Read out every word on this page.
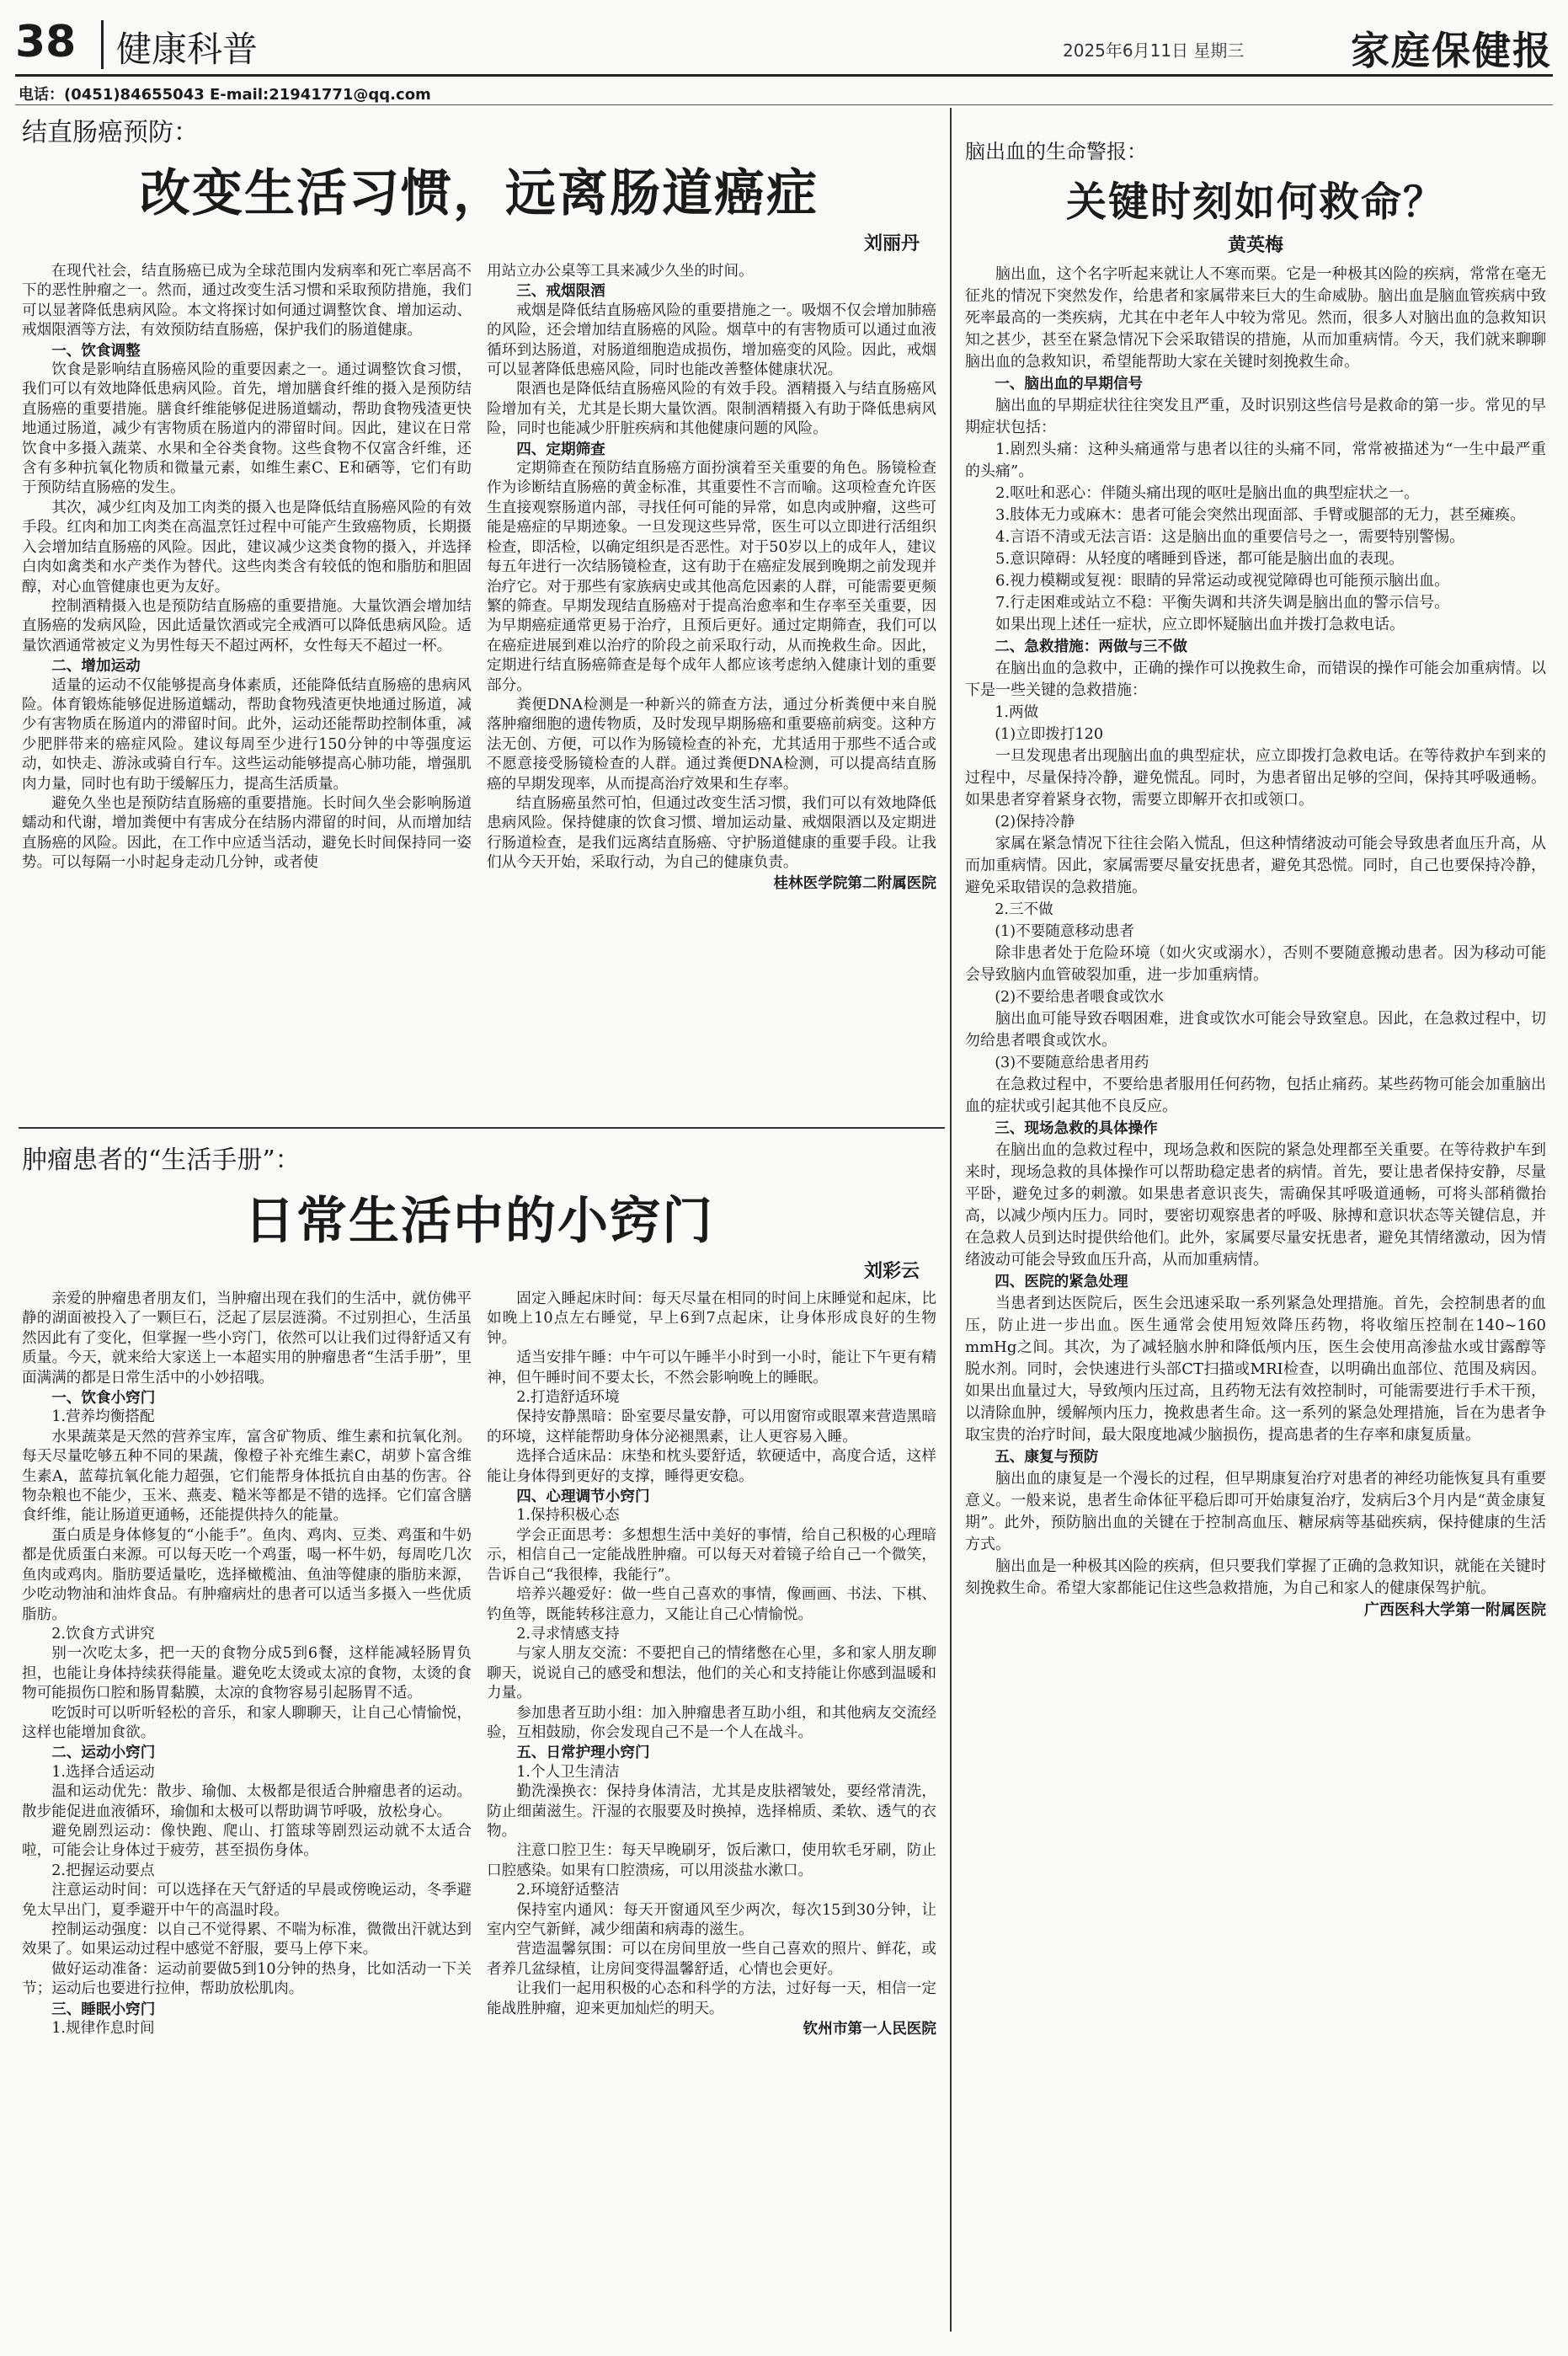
38 健康科普	2025年6月11日 星期三	家庭保健报
电话：(0451)84655043 E-mail:21941771@qq.com
结直肠癌预防：
改变生活习惯，远离肠道癌症
刘丽丹

在现代社会，结直肠癌已成为全球范围内发病率和死亡率居高不下的恶性肿瘤之一。然而，通过改变生活习惯和采取预防措施，我们可以显著降低患病风险。本文将探讨如何通过调整饮食、增加运动、戒烟限酒等方法，有效预防结直肠癌，保护我们的肠道健康。

一、饮食调整

饮食是影响结直肠癌风险的重要因素之一。通过调整饮食习惯，我们可以有效地降低患病风险。首先，增加膳食纤维的摄入是预防结直肠癌的重要措施。膳食纤维能够促进肠道蠕动，帮助食物残渣更快地通过肠道，减少有害物质在肠道内的滞留时间。因此，建议在日常饮食中多摄入蔬菜、水果和全谷类食物。这些食物不仅富含纤维，还含有多种抗氧化物质和微量元素，如维生素C、E和硒等，它们有助于预防结直肠癌的发生。

其次，减少红肉及加工肉类的摄入也是降低结直肠癌风险的有效手段。红肉和加工肉类在高温烹饪过程中可能产生致癌物质，长期摄入会增加结直肠癌的风险。因此，建议减少这类食物的摄入，并选择白肉如禽类和水产类作为替代。这些肉类含有较低的饱和脂肪和胆固醇，对心血管健康也更为友好。

控制酒精摄入也是预防结直肠癌的重要措施。大量饮酒会增加结直肠癌的发病风险，因此适量饮酒或完全戒酒可以降低患病风险。适量饮酒通常被定义为男性每天不超过两杯，女性每天不超过一杯。

二、增加运动

适量的运动不仅能够提高身体素质，还能降低结直肠癌的患病风险。体育锻炼能够促进肠道蠕动，帮助食物残渣更快地通过肠道，减少有害物质在肠道内的滞留时间。此外，运动还能帮助控制体重，减少肥胖带来的癌症风险。建议每周至少进行150分钟的中等强度运动，如快走、游泳或骑自行车。这些运动能够提高心肺功能，增强肌肉力量，同时也有助于缓解压力，提高生活质量。

避免久坐也是预防结直肠癌的重要措施。长时间久坐会影响肠道蠕动和代谢，增加粪便中有害成分在结肠内滞留的时间，从而增加结直肠癌的风险。因此，在工作中应适当活动，避免长时间保持同一姿势。可以每隔一小时起身走动几分钟，或者使

用站立办公桌等工具来减少久坐的时间。

三、戒烟限酒

戒烟是降低结直肠癌风险的重要措施之一。吸烟不仅会增加肺癌的风险，还会增加结直肠癌的风险。烟草中的有害物质可以通过血液循环到达肠道，对肠道细胞造成损伤，增加癌变的风险。因此，戒烟可以显著降低患癌风险，同时也能改善整体健康状况。

限酒也是降低结直肠癌风险的有效手段。酒精摄入与结直肠癌风险增加有关，尤其是长期大量饮酒。限制酒精摄入有助于降低患病风险，同时也能减少肝脏疾病和其他健康问题的风险。

四、定期筛查

定期筛查在预防结直肠癌方面扮演着至关重要的角色。肠镜检查作为诊断结直肠癌的黄金标准，其重要性不言而喻。这项检查允许医生直接观察肠道内部，寻找任何可能的异常，如息肉或肿瘤，这些可能是癌症的早期迹象。一旦发现这些异常，医生可以立即进行活组织检查，即活检，以确定组织是否恶性。对于50岁以上的成年人，建议每五年进行一次结肠镜检查，这有助于在癌症发展到晚期之前发现并治疗它。对于那些有家族病史或其他高危因素的人群，可能需要更频繁的筛查。早期发现结直肠癌对于提高治愈率和生存率至关重要，因为早期癌症通常更易于治疗，且预后更好。通过定期筛查，我们可以在癌症进展到难以治疗的阶段之前采取行动，从而挽救生命。因此，定期进行结直肠癌筛查是每个成年人都应该考虑纳入健康计划的重要部分。

粪便DNA检测是一种新兴的筛查方法，通过分析粪便中来自脱落肿瘤细胞的遗传物质，及时发现早期肠癌和重要癌前病变。这种方法无创、方便，可以作为肠镜检查的补充，尤其适用于那些不适合或不愿意接受肠镜检查的人群。通过粪便DNA检测，可以提高结直肠癌的早期发现率，从而提高治疗效果和生存率。

结直肠癌虽然可怕，但通过改变生活习惯，我们可以有效地降低患病风险。保持健康的饮食习惯、增加运动量、戒烟限酒以及定期进行肠道检查，是我们远离结直肠癌、守护肠道健康的重要手段。让我们从今天开始，采取行动，为自己的健康负责。

桂林医学院第二附属医院

肿瘤患者的“生活手册”：
日常生活中的小窍门
刘彩云

亲爱的肿瘤患者朋友们，当肿瘤出现在我们的生活中，就仿佛平静的湖面被投入了一颗巨石，泛起了层层涟漪。不过别担心，生活虽然因此有了变化，但掌握一些小窍门，依然可以让我们过得舒适又有质量。今天，就来给大家送上一本超实用的肿瘤患者“生活手册”，里面满满的都是日常生活中的小妙招哦。

一、饮食小窍门
1.营养均衡搭配

水果蔬菜是天然的营养宝库，富含矿物质、维生素和抗氧化剂。每天尽量吃够五种不同的果蔬，像橙子补充维生素C，胡萝卜富含维生素A，蓝莓抗氧化能力超强，它们能帮身体抵抗自由基的伤害。谷物杂粮也不能少，玉米、燕麦、糙米等都是不错的选择。它们富含膳食纤维，能让肠道更通畅，还能提供持久的能量。

蛋白质是身体修复的“小能手”。鱼肉、鸡肉、豆类、鸡蛋和牛奶都是优质蛋白来源。可以每天吃一个鸡蛋，喝一杯牛奶，每周吃几次鱼肉或鸡肉。脂肪要适量吃，选择橄榄油、鱼油等健康的脂肪来源，少吃动物油和油炸食品。有肿瘤病灶的患者可以适当多摄入一些优质脂肪。

2.饮食方式讲究

别一次吃太多，把一天的食物分成5到6餐，这样能减轻肠胃负担，也能让身体持续获得能量。避免吃太烫或太凉的食物，太烫的食物可能损伤口腔和肠胃黏膜，太凉的食物容易引起肠胃不适。

吃饭时可以听听轻松的音乐，和家人聊聊天，让自己心情愉悦，这样也能增加食欲。

二、运动小窍门
1.选择合适运动

温和运动优先：散步、瑜伽、太极都是很适合肿瘤患者的运动。散步能促进血液循环，瑜伽和太极可以帮助调节呼吸，放松身心。

避免剧烈运动：像快跑、爬山、打篮球等剧烈运动就不太适合啦，可能会让身体过于疲劳，甚至损伤身体。

2.把握运动要点

注意运动时间：可以选择在天气舒适的早晨或傍晚运动，冬季避免太早出门，夏季避开中午的高温时段。

控制运动强度：以自己不觉得累、不喘为标准，微微出汗就达到效果了。如果运动过程中感觉不舒服，要马上停下来。

做好运动准备：运动前要做5到10分钟的热身，比如活动一下关节；运动后也要进行拉伸，帮助放松肌肉。

三、睡眠小窍门
1.规律作息时间

固定入睡起床时间：每天尽量在相同的时间上床睡觉和起床，比如晚上10点左右睡觉，早上6到7点起床，让身体形成良好的生物钟。

适当安排午睡：中午可以午睡半小时到一小时，能让下午更有精神，但午睡时间不要太长，不然会影响晚上的睡眠。

2.打造舒适环境

保持安静黑暗：卧室要尽量安静，可以用窗帘或眼罩来营造黑暗的环境，这样能帮助身体分泌褪黑素，让人更容易入睡。

选择合适床品：床垫和枕头要舒适，软硬适中，高度合适，这样能让身体得到更好的支撑，睡得更安稳。

四、心理调节小窍门
1.保持积极心态

学会正面思考：多想想生活中美好的事情，给自己积极的心理暗示，相信自己一定能战胜肿瘤。可以每天对着镜子给自己一个微笑，告诉自己“我很棒，我能行”。

培养兴趣爱好：做一些自己喜欢的事情，像画画、书法、下棋、钓鱼等，既能转移注意力，又能让自己心情愉悦。

2.寻求情感支持

与家人朋友交流：不要把自己的情绪憋在心里，多和家人朋友聊聊天，说说自己的感受和想法，他们的关心和支持能让你感到温暖和力量。

参加患者互助小组：加入肿瘤患者互助小组，和其他病友交流经验，互相鼓励，你会发现自己不是一个人在战斗。

五、日常护理小窍门
1.个人卫生清洁

勤洗澡换衣：保持身体清洁，尤其是皮肤褶皱处，要经常清洗，防止细菌滋生。汗湿的衣服要及时换掉，选择棉质、柔软、透气的衣物。

注意口腔卫生：每天早晚刷牙，饭后漱口，使用软毛牙刷，防止口腔感染。如果有口腔溃疡，可以用淡盐水漱口。

2.环境舒适整洁

保持室内通风：每天开窗通风至少两次，每次15到30分钟，让室内空气新鲜，减少细菌和病毒的滋生。

营造温馨氛围：可以在房间里放一些自己喜欢的照片、鲜花，或者养几盆绿植，让房间变得温馨舒适，心情也会更好。

让我们一起用积极的心态和科学的方法，过好每一天，相信一定能战胜肿瘤，迎来更加灿烂的明天。

钦州市第一人民医院

脑出血的生命警报：
关键时刻如何救命？
黄英梅

脑出血，这个名字听起来就让人不寒而栗。它是一种极其凶险的疾病，常常在毫无征兆的情况下突然发作，给患者和家属带来巨大的生命威胁。脑出血是脑血管疾病中致死率最高的一类疾病，尤其在中老年人中较为常见。然而，很多人对脑出血的急救知识知之甚少，甚至在紧急情况下会采取错误的措施，从而加重病情。今天，我们就来聊聊脑出血的急救知识，希望能帮助大家在关键时刻挽救生命。

一、脑出血的早期信号

脑出血的早期症状往往突发且严重，及时识别这些信号是救命的第一步。常见的早期症状包括：

1.剧烈头痛：这种头痛通常与患者以往的头痛不同，常常被描述为“一生中最严重的头痛”。

2.呕吐和恶心：伴随头痛出现的呕吐是脑出血的典型症状之一。

3.肢体无力或麻木：患者可能会突然出现面部、手臂或腿部的无力，甚至瘫痪。

4.言语不清或无法言语：这是脑出血的重要信号之一，需要特别警惕。

5.意识障碍：从轻度的嗜睡到昏迷，都可能是脑出血的表现。

6.视力模糊或复视：眼睛的异常运动或视觉障碍也可能预示脑出血。

7.行走困难或站立不稳：平衡失调和共济失调是脑出血的警示信号。

如果出现上述任一症状，应立即怀疑脑出血并拨打急救电话。

二、急救措施：两做与三不做

在脑出血的急救中，正确的操作可以挽救生命，而错误的操作可能会加重病情。以下是一些关键的急救措施：

1.两做
(1)立即拨打120

一旦发现患者出现脑出血的典型症状，应立即拨打急救电话。在等待救护车到来的过程中，尽量保持冷静，避免慌乱。同时，为患者留出足够的空间，保持其呼吸通畅。如果患者穿着紧身衣物，需要立即解开衣扣或领口。

(2)保持冷静

家属在紧急情况下往往会陷入慌乱，但这种情绪波动可能会导致患者血压升高，从而加重病情。因此，家属需要尽量安抚患者，避免其恐慌。同时，自己也要保持冷静，避免采取错误的急救措施。

2.三不做
(1)不要随意移动患者

除非患者处于危险环境（如火灾或溺水），否则不要随意搬动患者。因为移动可能会导致脑内血管破裂加重，进一步加重病情。

(2)不要给患者喂食或饮水

脑出血可能导致吞咽困难，进食或饮水可能会导致窒息。因此，在急救过程中，切勿给患者喂食或饮水。

(3)不要随意给患者用药

在急救过程中，不要给患者服用任何药物，包括止痛药。某些药物可能会加重脑出血的症状或引起其他不良反应。

三、现场急救的具体操作

在脑出血的急救过程中，现场急救和医院的紧急处理都至关重要。在等待救护车到来时，现场急救的具体操作可以帮助稳定患者的病情。首先，要让患者保持安静，尽量平卧，避免过多的刺激。如果患者意识丧失，需确保其呼吸道通畅，可将头部稍微抬高，以减少颅内压力。同时，要密切观察患者的呼吸、脉搏和意识状态等关键信息，并在急救人员到达时提供给他们。此外，家属要尽量安抚患者，避免其情绪激动，因为情绪波动可能会导致血压升高，从而加重病情。

四、医院的紧急处理

当患者到达医院后，医生会迅速采取一系列紧急处理措施。首先，会控制患者的血压，防止进一步出血。医生通常会使用短效降压药物，将收缩压控制在140~160 mmHg之间。其次，为了减轻脑水肿和降低颅内压，医生会使用高渗盐水或甘露醇等脱水剂。同时，会快速进行头部CT扫描或MRI检查，以明确出血部位、范围及病因。如果出血量过大，导致颅内压过高，且药物无法有效控制时，可能需要进行手术干预，以清除血肿，缓解颅内压力，挽救患者生命。这一系列的紧急处理措施，旨在为患者争取宝贵的治疗时间，最大限度地减少脑损伤，提高患者的生存率和康复质量。

五、康复与预防

脑出血的康复是一个漫长的过程，但早期康复治疗对患者的神经功能恢复具有重要意义。一般来说，患者生命体征平稳后即可开始康复治疗，发病后3个月内是“黄金康复期”。此外，预防脑出血的关键在于控制高血压、糖尿病等基础疾病，保持健康的生活方式。

脑出血是一种极其凶险的疾病，但只要我们掌握了正确的急救知识，就能在关键时刻挽救生命。希望大家都能记住这些急救措施，为自己和家人的健康保驾护航。

广西医科大学第一附属医院
